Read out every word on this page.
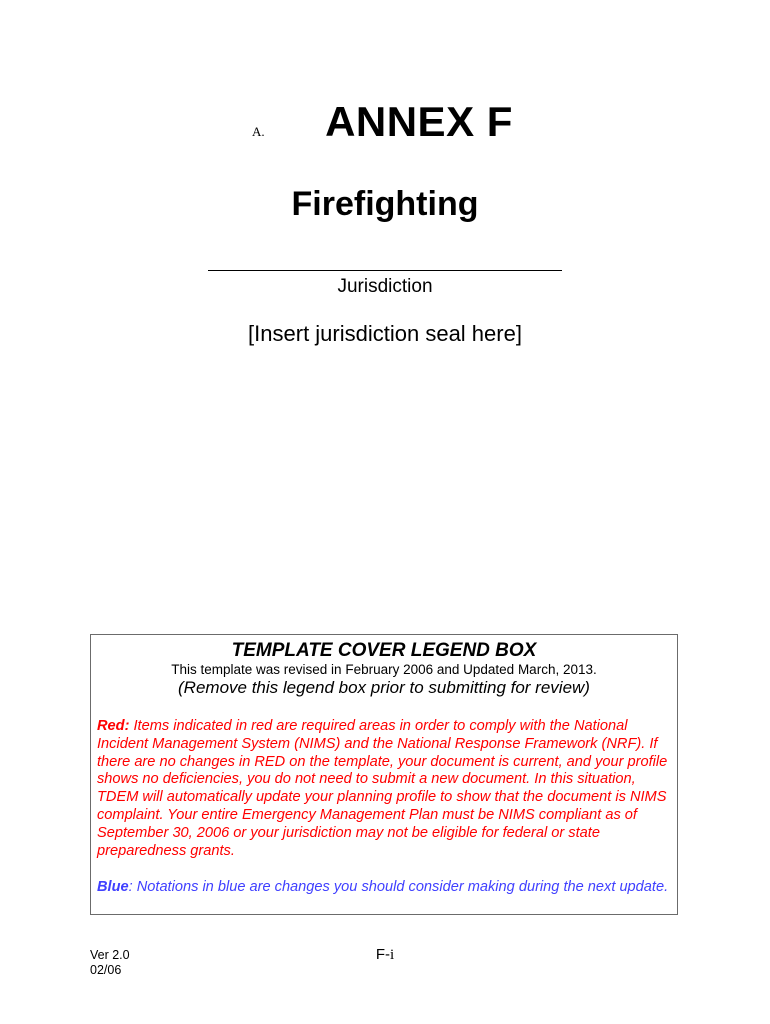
A.	ANNEX F
Firefighting
Jurisdiction
[Insert jurisdiction seal here]
TEMPLATE COVER LEGEND BOX
This template was revised in February 2006 and Updated March, 2013.
(Remove this legend box prior to submitting for review)
Red: Items indicated in red are required areas in order to comply with the National Incident Management System (NIMS) and the National Response Framework (NRF). If there are no changes in RED on the template, your document is current, and your profile shows no deficiencies, you do not need to submit a new document. In this situation, TDEM will automatically update your planning profile to show that the document is NIMS complaint. Your entire Emergency Management Plan must be NIMS compliant as of September 30, 2006 or your jurisdiction may not be eligible for federal or state preparedness grants.
Blue: Notations in blue are changes you should consider making during the next update.
Ver 2.0
02/06
F-i
